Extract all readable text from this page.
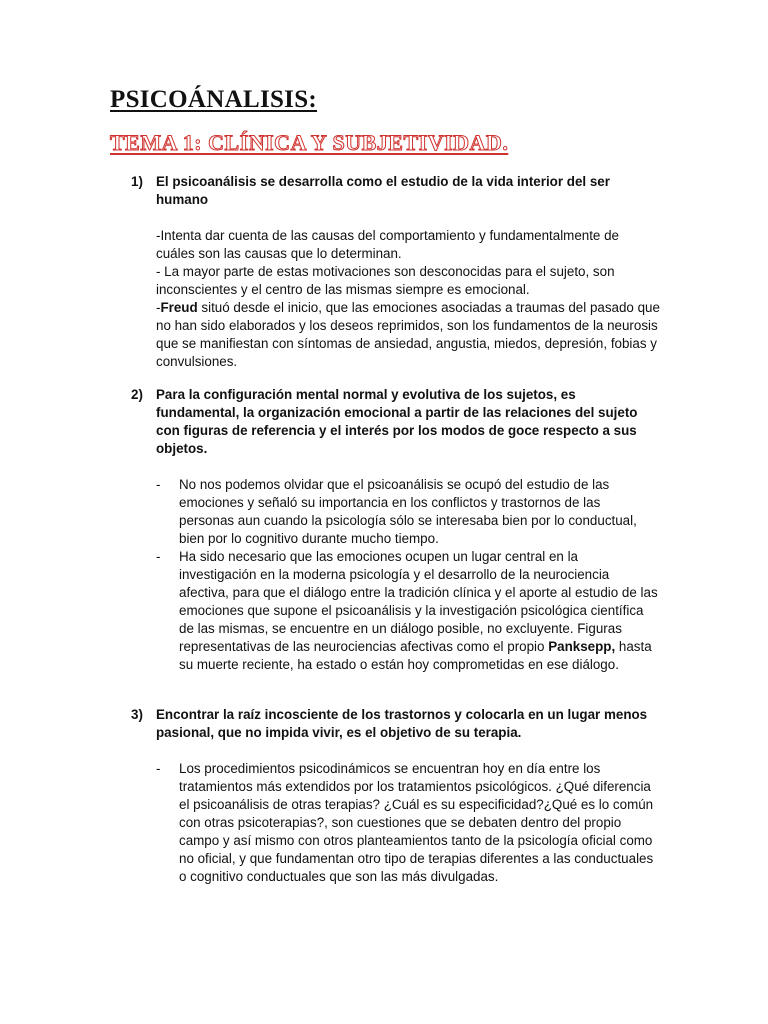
PSICOÁNALISIS:
TEMA 1: CLÍNICA Y SUBJETIVIDAD.
1) El psicoanálisis se desarrolla como el estudio de la vida interior del ser humano

-Intenta dar cuenta de las causas del comportamiento y fundamentalmente de cuáles son las causas que lo determinan.

- La mayor parte de estas motivaciones son desconocidas para el sujeto, son inconscientes y el centro de las mismas siempre es emocional.

-Freud situó desde el inicio, que las emociones asociadas a traumas del pasado que no han sido elaborados y los deseos reprimidos, son los fundamentos de la neurosis que se manifiestan con síntomas de ansiedad, angustia, miedos, depresión, fobias y convulsiones.

2) Para la configuración mental normal y evolutiva de los sujetos, es fundamental, la organización emocional a partir de las relaciones del sujeto con figuras de referencia y el interés por los modos de goce respecto a sus objetos.
- No nos podemos olvidar que el psicoanálisis se ocupó del estudio de las emociones y señaló su importancia en los conflictos y trastornos de las personas aun cuando la psicología sólo se interesaba bien por lo conductual, bien por lo cognitivo durante mucho tiempo.
- Ha sido necesario que las emociones ocupen un lugar central en la investigación en la moderna psicología y el desarrollo de la neurociencia afectiva, para que el diálogo entre la tradición clínica y el aporte al estudio de las emociones que supone el psicoanálisis y la investigación psicológica científica de las mismas, se encuentre en un diálogo posible, no excluyente. Figuras representativas de las neurociencias afectivas como el propio Panksepp, hasta su muerte reciente, ha estado o están hoy comprometidas en ese diálogo.
3) Encontrar la raíz incosciente de los trastornos y colocarla en un lugar menos pasional, que no impida vivir, es el objetivo de su terapia.
- Los procedimientos psicodinámicos se encuentran hoy en día entre los tratamientos más extendidos por los tratamientos psicológicos. ¿Qué diferencia el psicoanálisis de otras terapias? ¿Cuál es su especificidad?¿Qué es lo común con otras psicoterapias?, son cuestiones que se debaten dentro del propio campo y así mismo con otros planteamientos tanto de la psicología oficial como no oficial, y que fundamentan otro tipo de terapias diferentes a las conductuales o cognitivo conductuales que son las más divulgadas.
